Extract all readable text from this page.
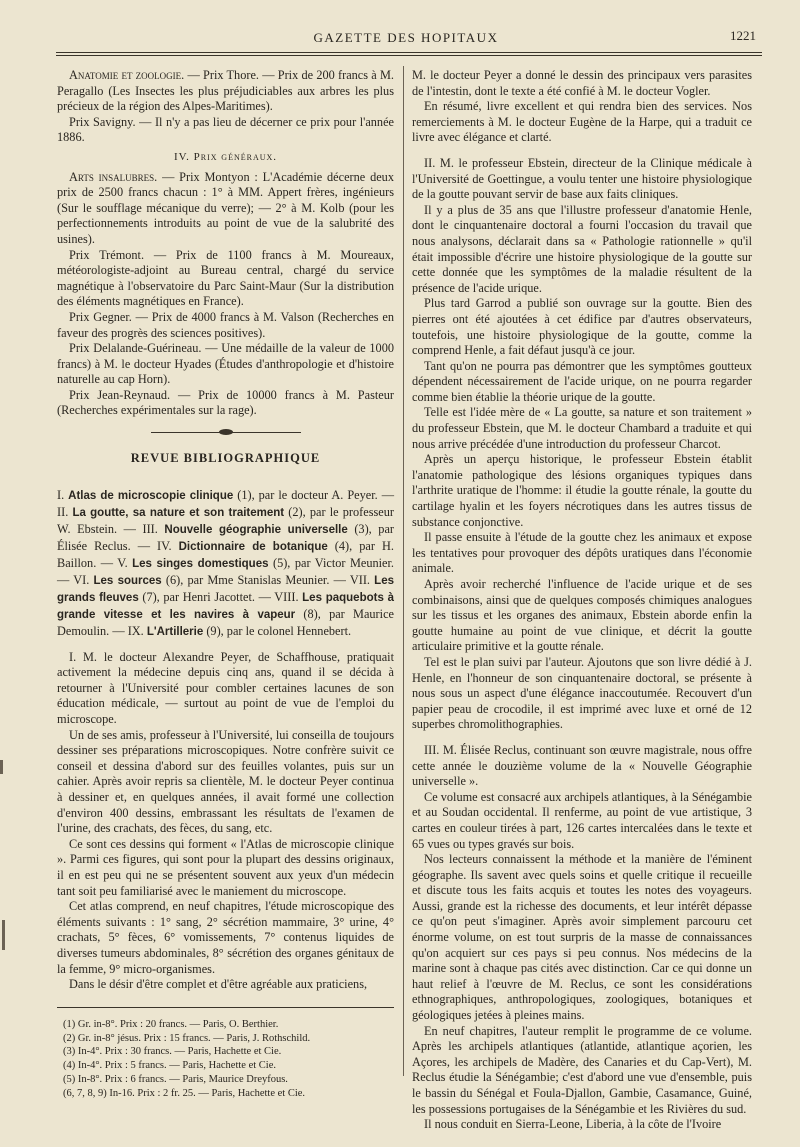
GAZETTE DES HOPITAUX	1221

Anatomie et zoologie. — Prix Thore. — Prix de 200 francs à M. Peragallo (Les Insectes les plus préjudiciables aux arbres les plus précieux de la région des Alpes-Maritimes).

Prix Savigny. — Il n'y a pas lieu de décerner ce prix pour l'année 1886.

IV. Prix généraux.

Arts insalubres. — Prix Montyon : L'Académie décerne deux prix de 2500 francs chacun : 1° à MM. Appert frères, ingénieurs (Sur le soufflage mécanique du verre); — 2° à M. Kolb (pour les perfectionnements introduits au point de vue de la salubrité des usines).

Prix Trémont. — Prix de 1100 francs à M. Moureaux, météorologiste-adjoint au Bureau central, chargé du service magnétique à l'observatoire du Parc Saint-Maur (Sur la distribution des éléments magnétiques en France).

Prix Gegner. — Prix de 4000 francs à M. Valson (Recherches en faveur des progrès des sciences positives).

Prix Delalande-Guérineau. — Une médaille de la valeur de 1000 francs) à M. le docteur Hyades (Études d'anthropologie et d'histoire naturelle au cap Horn).

Prix Jean-Reynaud. — Prix de 10000 francs à M. Pasteur (Recherches expérimentales sur la rage).

REVUE BIBLIOGRAPHIQUE

I. Atlas de microscopie clinique (1), par le docteur A. Peyer. — II. La goutte, sa nature et son traitement (2), par le professeur W. Ebstein. — III. Nouvelle géographie universelle (3), par Élisée Reclus. — IV. Dictionnaire de botanique (4), par H. Baillon. — V. Les singes domestiques (5), par Victor Meunier. — VI. Les sources (6), par Mme Stanislas Meunier. — VII. Les grands fleuves (7), par Henri Jacottet. — VIII. Les paquebots à grande vitesse et les navires à vapeur (8), par Maurice Demoulin. — IX. L'Artillerie (9), par le colonel Hennebert.

I. M. le docteur Alexandre Peyer, de Schaffhouse, pratiquait activement la médecine depuis cinq ans, quand il se décida à retourner à l'Université pour combler certaines lacunes de son éducation médicale, — surtout au point de vue de l'emploi du microscope.

Un de ses amis, professeur à l'Université, lui conseilla de toujours dessiner ses préparations microscopiques. Notre confrère suivit ce conseil et dessina d'abord sur des feuilles volantes, puis sur un cahier. Après avoir repris sa clientèle, M. le docteur Peyer continua à dessiner et, en quelques années, il avait formé une collection d'environ 400 dessins, embrassant les résultats de l'examen de l'urine, des crachats, des fèces, du sang, etc.

Ce sont ces dessins qui forment « l'Atlas de microscopie clinique ». Parmi ces figures, qui sont pour la plupart des dessins originaux, il en est peu qui ne se présentent souvent aux yeux d'un médecin tant soit peu familiarisé avec le maniement du microscope.

Cet atlas comprend, en neuf chapitres, l'étude microscopique des éléments suivants : 1° sang, 2° sécrétion mammaire, 3° urine, 4° crachats, 5° fèces, 6° vomissements, 7° contenus liquides de diverses tumeurs abdominales, 8° sécrétion des organes génitaux de la femme, 9° micro-organismes.

Dans le désir d'être complet et d'être agréable aux praticiens,

(1) Gr. in-8°. Prix : 20 francs. — Paris, O. Berthier.
(2) Gr. in-8° jésus. Prix : 15 francs. — Paris, J. Rothschild.
(3) In-4°. Prix : 30 francs. — Paris, Hachette et Cie.
(4) In-4°. Prix : 5 francs. — Paris, Hachette et Cie.
(5) In-8°. Prix : 6 francs. — Paris, Maurice Dreyfous.
(6, 7, 8, 9) In-16. Prix : 2 fr. 25. — Paris, Hachette et Cie.

M. le docteur Peyer a donné le dessin des principaux vers parasites de l'intestin, dont le texte a été confié à M. le docteur Vogler.

En résumé, livre excellent et qui rendra bien des services. Nos remerciements à M. le docteur Eugène de la Harpe, qui a traduit ce livre avec élégance et clarté.

II. M. le professeur Ebstein, directeur de la Clinique médicale à l'Université de Goettingue, a voulu tenter une histoire physiologique de la goutte pouvant servir de base aux faits cliniques.

Il y a plus de 35 ans que l'illustre professeur d'anatomie Henle, dont le cinquantenaire doctoral a fourni l'occasion du travail que nous analysons, déclarait dans sa « Pathologie rationnelle » qu'il était impossible d'écrire une histoire physiologique de la goutte sur cette donnée que les symptômes de la maladie résultent de la présence de l'acide urique.

Plus tard Garrod a publié son ouvrage sur la goutte. Bien des pierres ont été ajoutées à cet édifice par d'autres observateurs, toutefois, une histoire physiologique de la goutte, comme la comprend Henle, a fait défaut jusqu'à ce jour.

Tant qu'on ne pourra pas démontrer que les symptômes goutteux dépendent nécessairement de l'acide urique, on ne pourra regarder comme bien établie la théorie urique de la goutte.

Telle est l'idée mère de « La goutte, sa nature et son traitement » du professeur Ebstein, que M. le docteur Chambard a traduite et qui nous arrive précédée d'une introduction du professeur Charcot.

Après un aperçu historique, le professeur Ebstein établit l'anatomie pathologique des lésions organiques typiques dans l'arthrite uratique de l'homme: il étudie la goutte rénale, la goutte du cartilage hyalin et les foyers nécrotiques dans les autres tissus de substance conjonctive.

Il passe ensuite à l'étude de la goutte chez les animaux et expose les tentatives pour provoquer des dépôts uratiques dans l'économie animale.

Après avoir recherché l'influence de l'acide urique et de ses combinaisons, ainsi que de quelques composés chimiques analogues sur les tissus et les organes des animaux, Ebstein aborde enfin la goutte humaine au point de vue clinique, et décrit la goutte articulaire primitive et la goutte rénale.

Tel est le plan suivi par l'auteur. Ajoutons que son livre dédié à J. Henle, en l'honneur de son cinquantenaire doctoral, se présente à nous sous un aspect d'une élégance inaccoutumée. Recouvert d'un papier peau de crocodile, il est imprimé avec luxe et orné de 12 superbes chromolithographies.

III. M. Élisée Reclus, continuant son œuvre magistrale, nous offre cette année le douzième volume de la « Nouvelle Géographie universelle ».

Ce volume est consacré aux archipels atlantiques, à la Sénégambie et au Soudan occidental. Il renferme, au point de vue artistique, 3 cartes en couleur tirées à part, 126 cartes intercalées dans le texte et 65 vues ou types gravés sur bois.

Nos lecteurs connaissent la méthode et la manière de l'éminent géographe. Ils savent avec quels soins et quelle critique il recueille et discute tous les faits acquis et toutes les notes des voyageurs. Aussi, grande est la richesse des documents, et leur intérêt dépasse ce qu'on peut s'imaginer. Après avoir simplement parcouru cet énorme volume, on est tout surpris de la masse de connaissances qu'on acquiert sur ces pays si peu connus. Nos médecins de la marine sont à chaque pas cités avec distinction. Car ce qui donne un haut relief à l'œuvre de M. Reclus, ce sont les considérations ethnographiques, anthropologiques, zoologiques, botaniques et géologiques jetées à pleines mains.

En neuf chapitres, l'auteur remplit le programme de ce volume. Après les archipels atlantiques (atlantide, atlantique açorien, les Açores, les archipels de Madère, des Canaries et du Cap-Vert), M. Reclus étudie la Sénégambie; c'est d'abord une vue d'ensemble, puis le bassin du Sénégal et Foula-Djallon, Gambie, Casamance, Guiné, les possessions portugaises de la Sénégambie et les Rivières du sud.

Il nous conduit en Sierra-Leone, Liberia, à la côte de l'Ivoire
